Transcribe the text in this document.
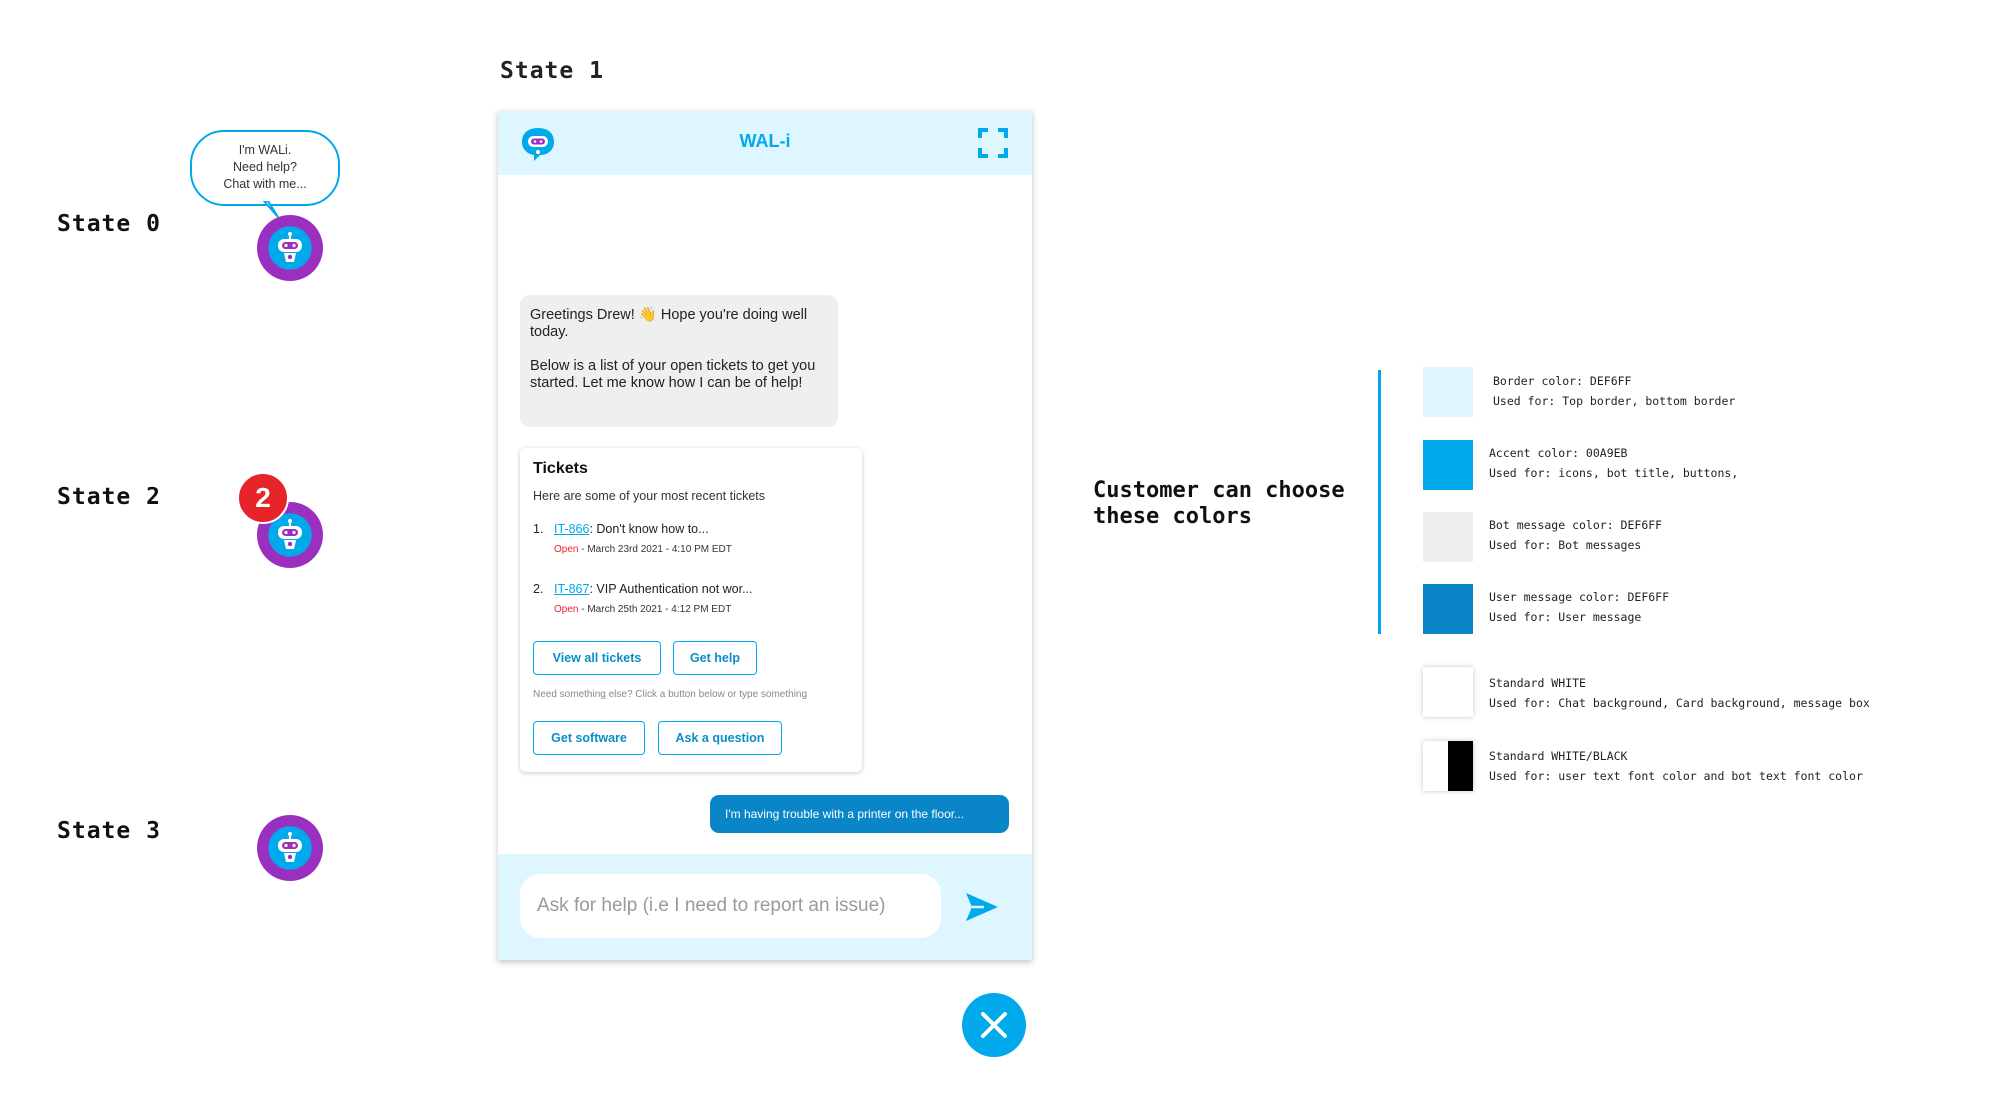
State 0
State 2
State 3
I'm WALi.
Need help?
Chat with me...
2
State 1
WAL-i

Greetings Drew! 👋 Hope you're doing well today.

Below is a list of your open tickets to get you started. Let me know how I can be of help!

Tickets
Here are some of your most recent tickets
1. IT-866: Don't know how to...
Open - March 23rd 2021 - 4:10 PM EDT
2. IT-867: VIP Authentication not wor...
Open - March 25th 2021 - 4:12 PM EDT
View all tickets	Get help
Need something else? Click a button below or type something
Get software	Ask a question
I'm having trouble with a printer on the floor...
Ask for help (i.e I need to report an issue)
Customer can choose
these colors
Border color: DEF6FF
Used for: Top border, bottom border
Accent color: 00A9EB
Used for: icons, bot title, buttons,
Bot message color: DEF6FF
Used for: Bot messages
User message color: DEF6FF
Used for: User message
Standard WHITE
Used for: Chat background, Card background, message box
Standard WHITE/BLACK
Used for: user text font color and bot text font color
